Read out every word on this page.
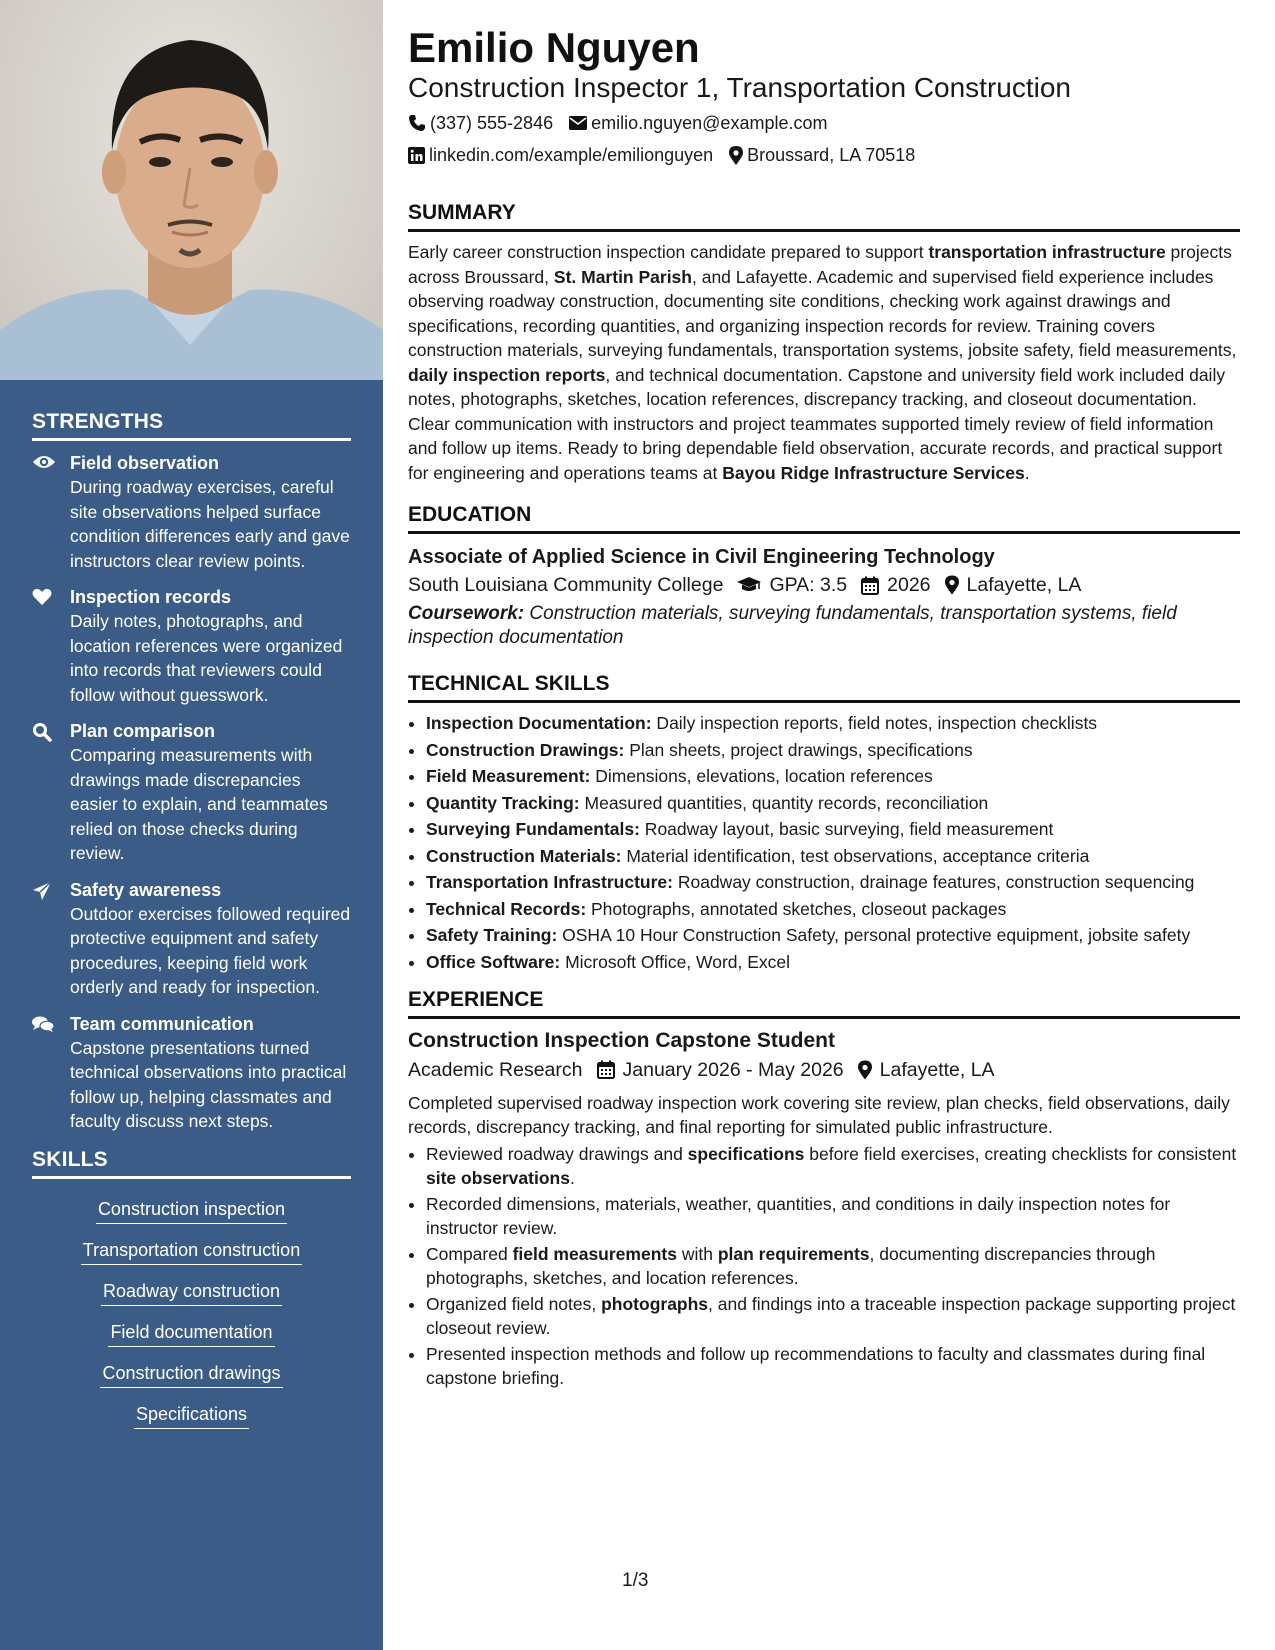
STRENGTHS
Field observation
During roadway exercises, careful site observations helped surface condition differences early and gave instructors clear review points.
Inspection records
Daily notes, photographs, and location references were organized into records that reviewers could follow without guesswork.
Plan comparison
Comparing measurements with drawings made discrepancies easier to explain, and teammates relied on those checks during review.
Safety awareness
Outdoor exercises followed required protective equipment and safety procedures, keeping field work orderly and ready for inspection.
Team communication
Capstone presentations turned technical observations into practical follow up, helping classmates and faculty discuss next steps.
SKILLS
Construction inspection
Transportation construction
Roadway construction
Field documentation
Construction drawings
Specifications
Emilio Nguyen
Construction Inspector 1, Transportation Construction
(337) 555-2846 emilio.nguyen@example.com
linkedin.com/example/emilionguyen Broussard, LA 70518
SUMMARY
Early career construction inspection candidate prepared to support transportation infrastructure projects across Broussard, St. Martin Parish, and Lafayette. Academic and supervised field experience includes observing roadway construction, documenting site conditions, checking work against drawings and specifications, recording quantities, and organizing inspection records for review. Training covers construction materials, surveying fundamentals, transportation systems, jobsite safety, field measurements, daily inspection reports, and technical documentation. Capstone and university field work included daily notes, photographs, sketches, location references, discrepancy tracking, and closeout documentation. Clear communication with instructors and project teammates supported timely review of field information and follow up items. Ready to bring dependable field observation, accurate records, and practical support for engineering and operations teams at Bayou Ridge Infrastructure Services.
EDUCATION
Associate of Applied Science in Civil Engineering Technology
South Louisiana Community College GPA: 3.5 2026 Lafayette, LA
Coursework: Construction materials, surveying fundamentals, transportation systems, field inspection documentation
TECHNICAL SKILLS
• Inspection Documentation: Daily inspection reports, field notes, inspection checklists
• Construction Drawings: Plan sheets, project drawings, specifications
• Field Measurement: Dimensions, elevations, location references
• Quantity Tracking: Measured quantities, quantity records, reconciliation
• Surveying Fundamentals: Roadway layout, basic surveying, field measurement
• Construction Materials: Material identification, test observations, acceptance criteria
• Transportation Infrastructure: Roadway construction, drainage features, construction sequencing
• Technical Records: Photographs, annotated sketches, closeout packages
• Safety Training: OSHA 10 Hour Construction Safety, personal protective equipment, jobsite safety
• Office Software: Microsoft Office, Word, Excel
EXPERIENCE
Construction Inspection Capstone Student
Academic Research January 2026 - May 2026 Lafayette, LA
Completed supervised roadway inspection work covering site review, plan checks, field observations, daily records, discrepancy tracking, and final reporting for simulated public infrastructure.
• Reviewed roadway drawings and specifications before field exercises, creating checklists for consistent site observations.
• Recorded dimensions, materials, weather, quantities, and conditions in daily inspection notes for instructor review.
• Compared field measurements with plan requirements, documenting discrepancies through photographs, sketches, and location references.
• Organized field notes, photographs, and findings into a traceable inspection package supporting project closeout review.
• Presented inspection methods and follow up recommendations to faculty and classmates during final capstone briefing.
1/3
